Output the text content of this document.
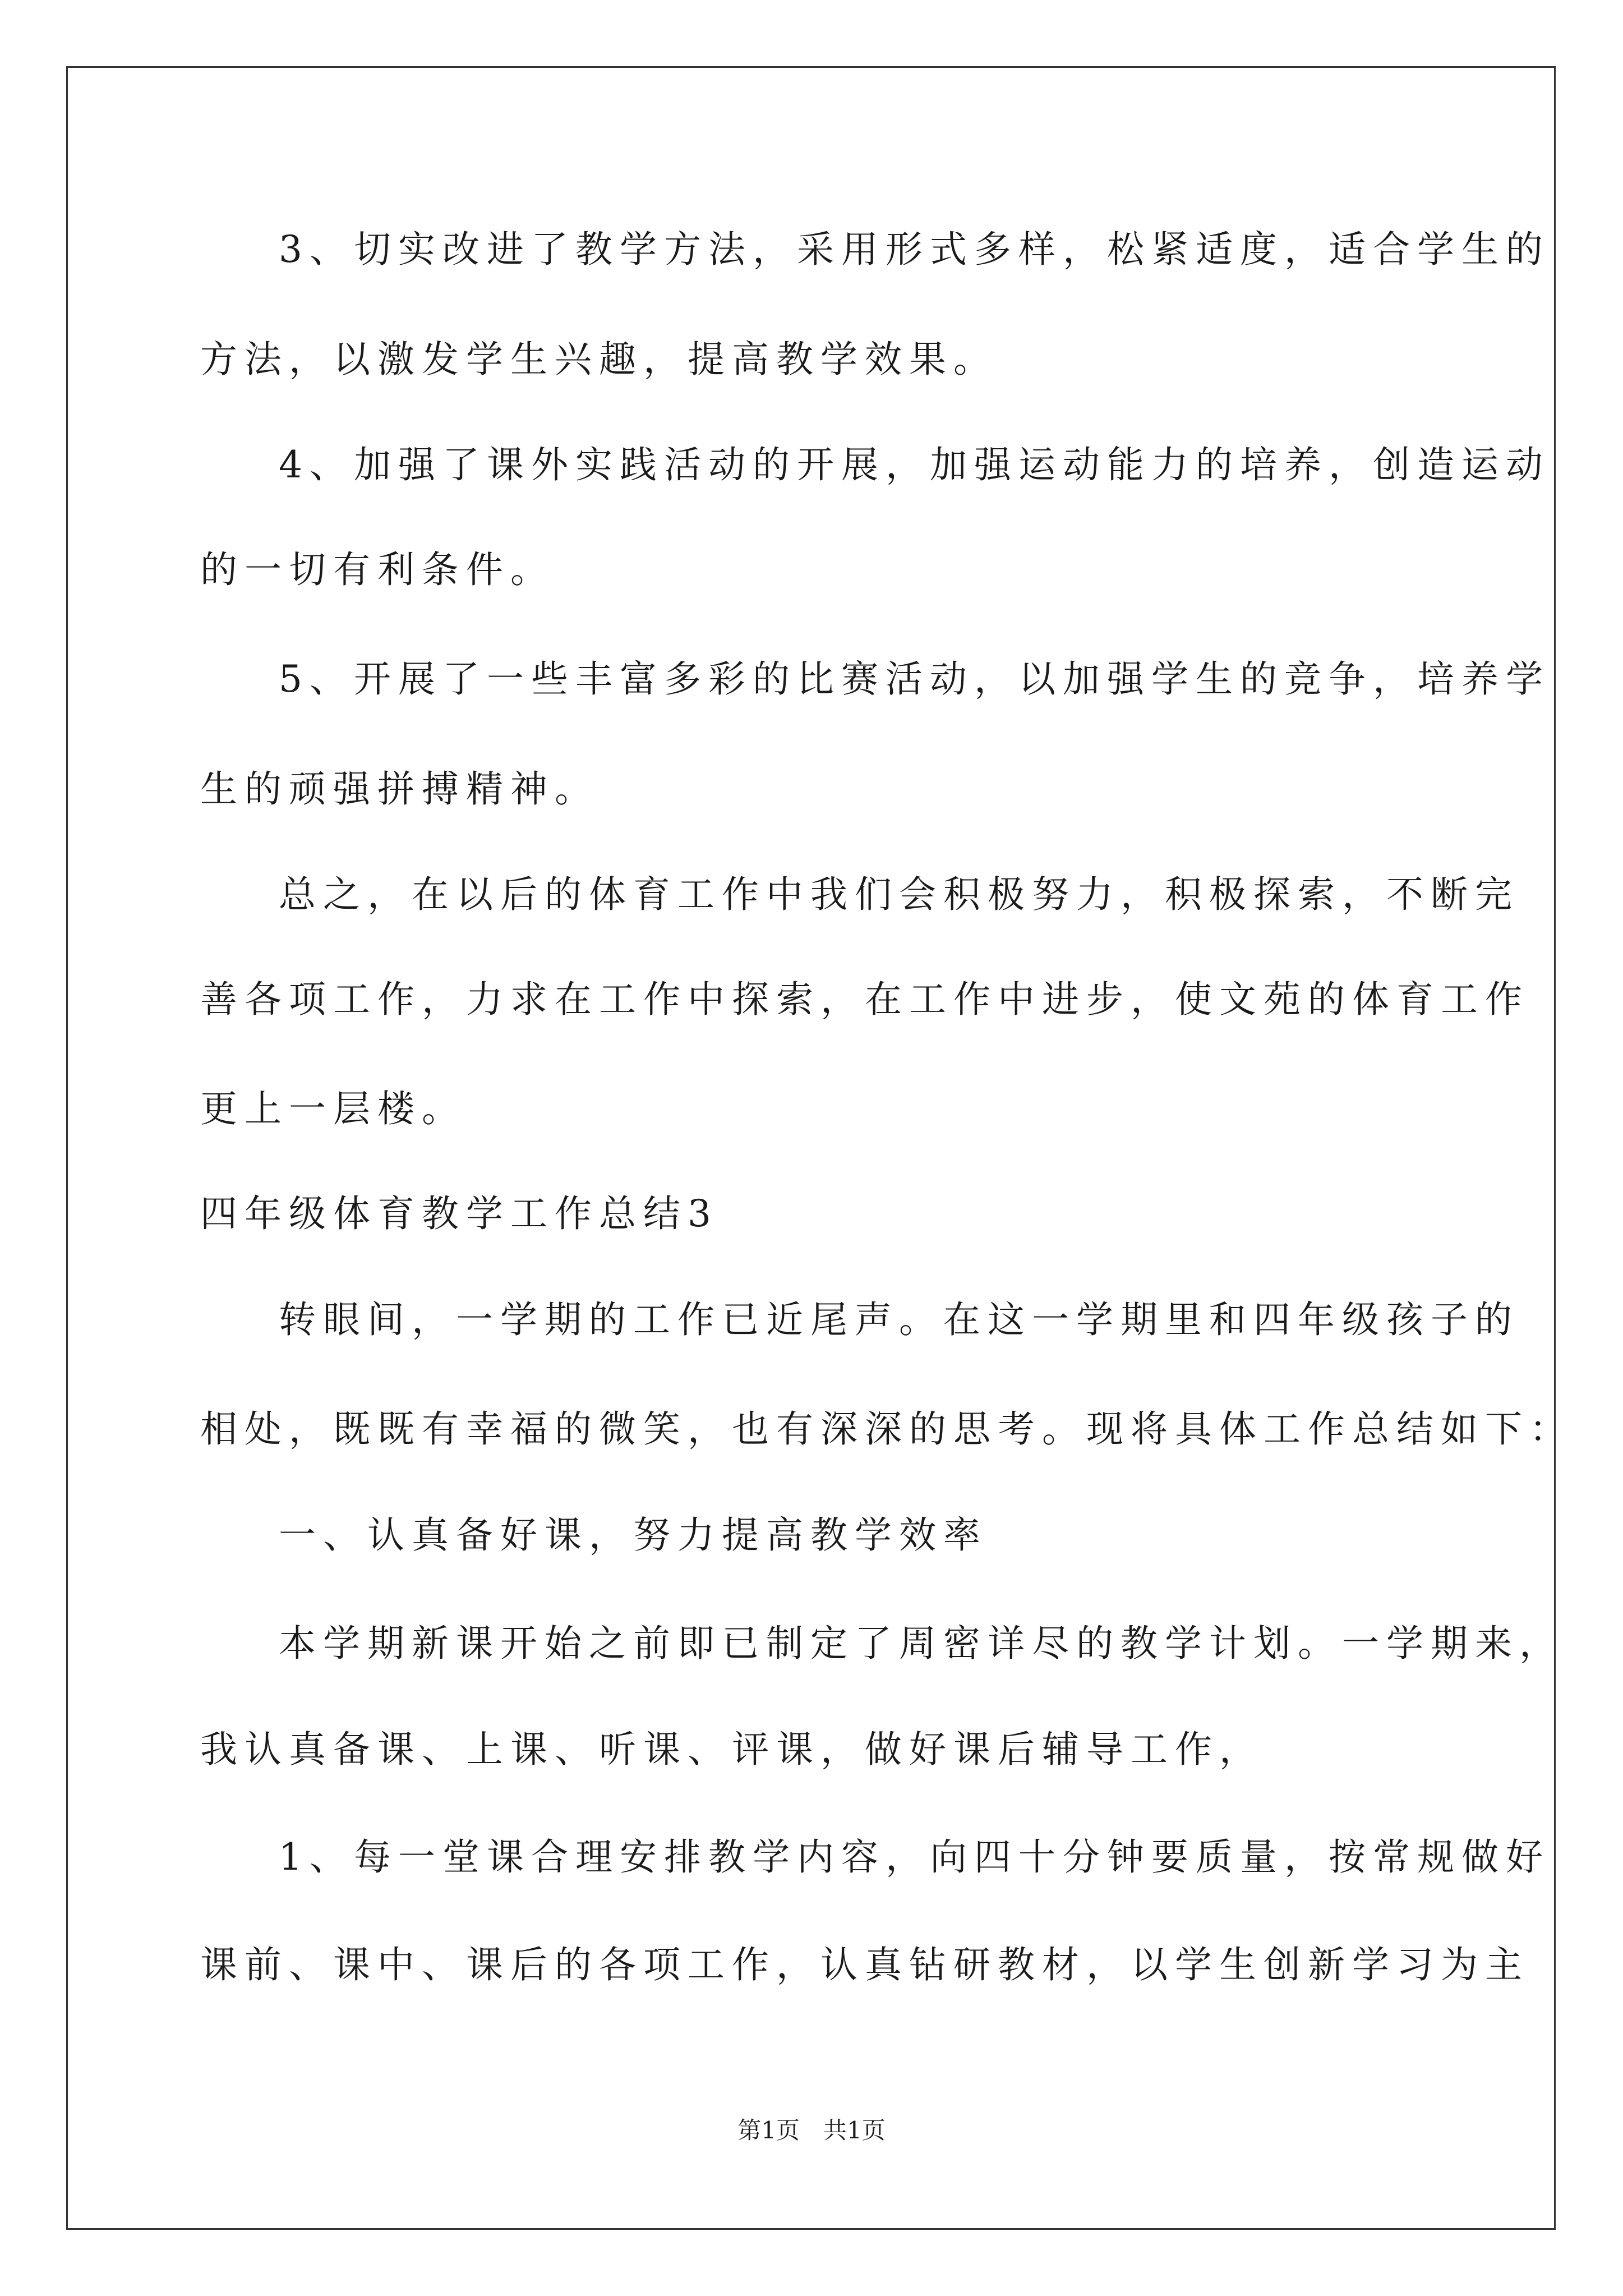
3、切实改进了教学方法，采用形式多样，松紧适度，适合学生的
方法，以激发学生兴趣，提高教学效果。
4、加强了课外实践活动的开展，加强运动能力的培养，创造运动
的一切有利条件。
5、开展了一些丰富多彩的比赛活动，以加强学生的竞争，培养学
生的顽强拼搏精神。
总之，在以后的体育工作中我们会积极努力，积极探索，不断完
善各项工作，力求在工作中探索，在工作中进步，使文苑的体育工作
更上一层楼。
四年级体育教学工作总结3
转眼间，一学期的工作已近尾声。在这一学期里和四年级孩子的
相处，既既有幸福的微笑，也有深深的思考。现将具体工作总结如下：
一、认真备好课，努力提高教学效率
本学期新课开始之前即已制定了周密详尽的教学计划。一学期来，
我认真备课、上课、听课、评课，做好课后辅导工作，
1、每一堂课合理安排教学内容，向四十分钟要质量，按常规做好
课前、课中、课后的各项工作，认真钻研教材，以学生创新学习为主
第1页　共1页
